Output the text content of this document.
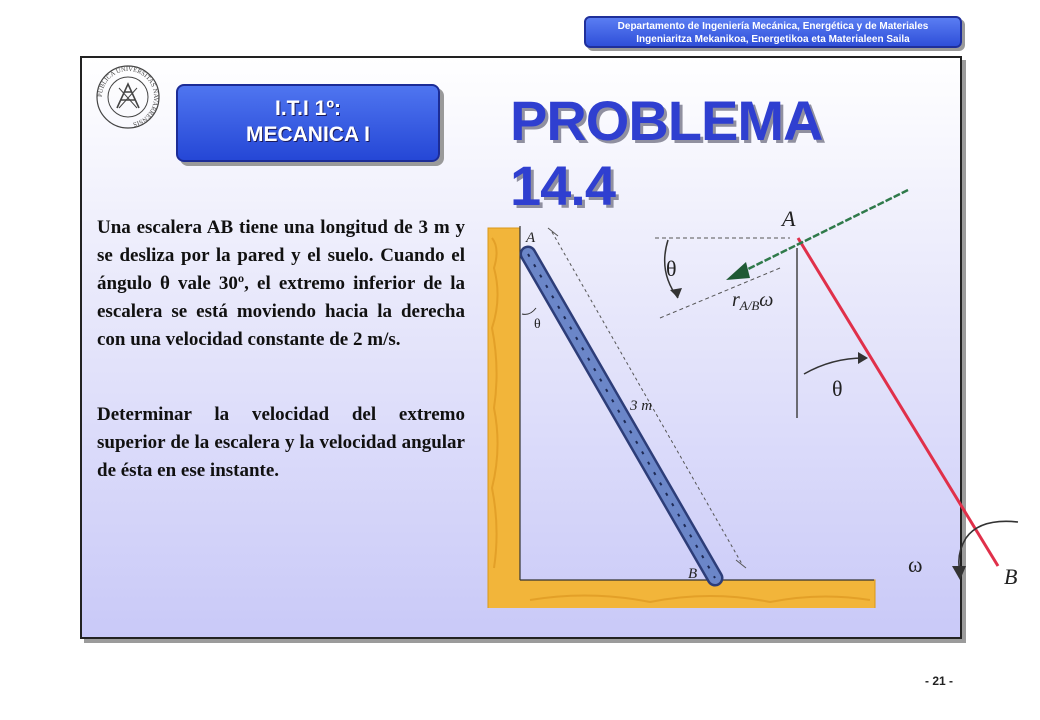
Departamento de Ingeniería Mecánica, Energética y de Materiales
Ingeniaritza Mekanikoa, Energetikoa eta Materialeen Saila
PUBLICA UNIVERSITAS NAVARRENSIS
I.T.I 1º:
MECANICA I	PROBLEMA 14.4
Una escalera AB tiene una longitud de 3 m y se desliza por la pared y el suelo. Cuando el ángulo θ vale 30º, el extremo inferior de la escalera se está moviendo hacia la derecha con una velocidad constante de 2 m/s.
Determinar la velocidad del extremo superior de la escalera y la velocidad angular de ésta en ese instante.
3 m
A
B
θ
A
B
$r_{A/B}\omega$
θ
θ
ω
- 21 -
